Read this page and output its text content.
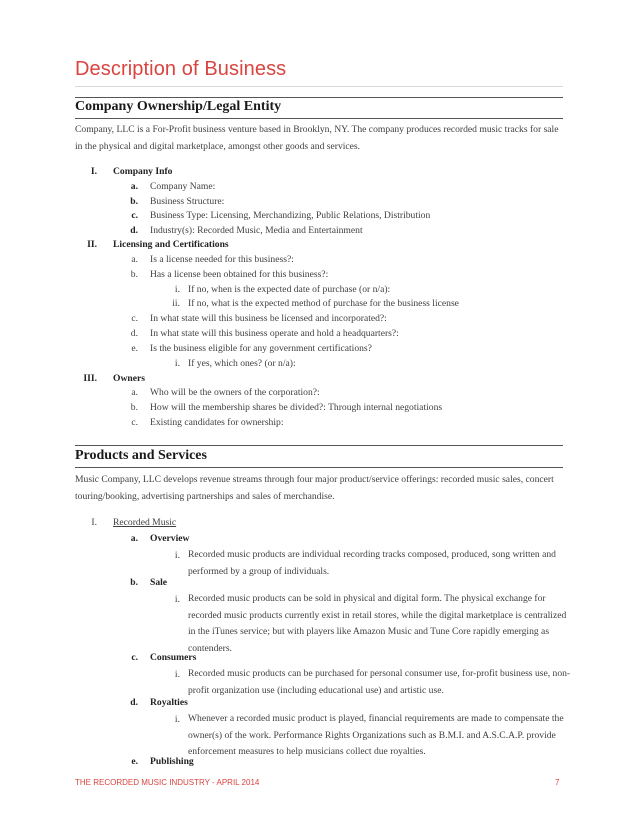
Description of Business
Company Ownership/Legal Entity
Company, LLC is a For-Profit business venture based in Brooklyn, NY. The company produces recorded music tracks for sale in the physical and digital marketplace, amongst other goods and services.
I. Company Info
a. Company Name:
b. Business Structure:
c. Business Type: Licensing, Merchandizing, Public Relations, Distribution
d. Industry(s): Recorded Music, Media and Entertainment
II. Licensing and Certifications
a. Is a license needed for this business?:
b. Has a license been obtained for this business?:
i. If no, when is the expected date of purchase (or n/a):
ii. If no, what is the expected method of purchase for the business license
c. In what state will this business be licensed and incorporated?:
d. In what state will this business operate and hold a headquarters?:
e. Is the business eligible for any government certifications?
i. If yes, which ones? (or n/a):
III. Owners
a. Who will be the owners of the corporation?:
b. How will the membership shares be divided?: Through internal negotiations
c. Existing candidates for ownership:
Products and Services
Music Company, LLC develops revenue streams through four major product/service offerings: recorded music sales, concert touring/booking, advertising partnerships and sales of merchandise.
I. Recorded Music
a. Overview
i. Recorded music products are individual recording tracks composed, produced, song written and performed by a group of individuals.
b. Sale
i. Recorded music products can be sold in physical and digital form. The physical exchange for recorded music products currently exist in retail stores, while the digital marketplace is centralized in the iTunes service; but with players like Amazon Music and Tune Core rapidly emerging as contenders.
c. Consumers
i. Recorded music products can be purchased for personal consumer use, for-profit business use, non-profit organization use (including educational use) and artistic use.
d. Royalties
i. Whenever a recorded music product is played, financial requirements are made to compensate the owner(s) of the work. Performance Rights Organizations such as B.M.I. and A.S.C.A.P. provide enforcement measures to help musicians collect due royalties.
e. Publishing
THE RECORDED MUSIC INDUSTRY - APRIL 2014	7
